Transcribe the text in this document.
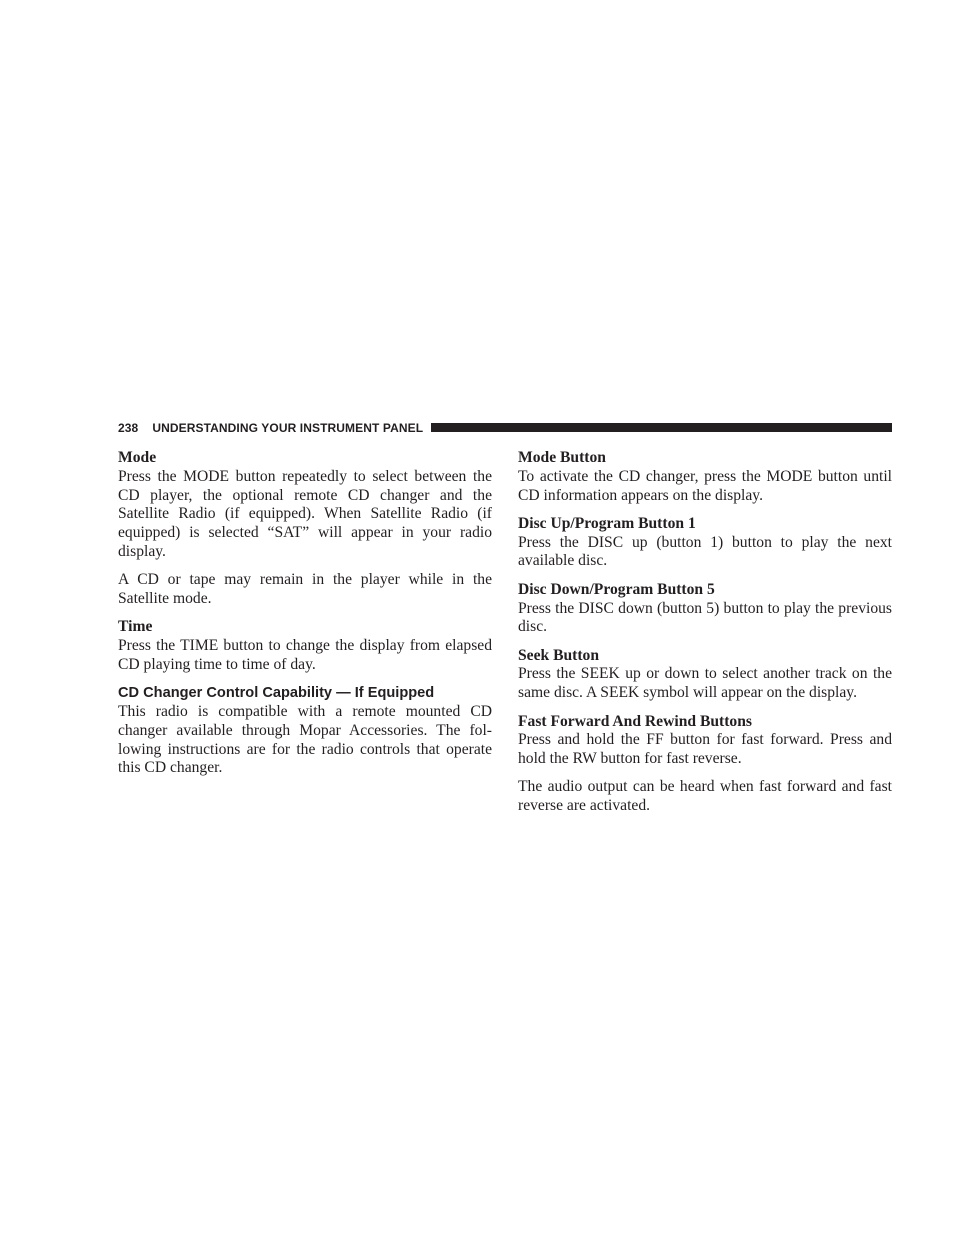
238 UNDERSTANDING YOUR INSTRUMENT PANEL

Mode

Press the MODE button repeatedly to select between the CD player, the optional remote CD changer and the Satellite Radio (if equipped). When Satellite Radio (if equipped) is selected “SAT” will appear in your radio display.

A CD or tape may remain in the player while in the Satellite mode.

Time

Press the TIME button to change the display from elapsed CD playing time to time of day.

CD Changer Control Capability — If Equipped

This radio is compatible with a remote mounted CD changer available through Mopar Accessories. The following instructions are for the radio controls that operate this CD changer.

Mode Button

To activate the CD changer, press the MODE button until CD information appears on the display.

Disc Up/Program Button 1

Press the DISC up (button 1) button to play the next available disc.

Disc Down/Program Button 5

Press the DISC down (button 5) button to play the previous disc.

Seek Button

Press the SEEK up or down to select another track on the same disc. A SEEK symbol will appear on the display.

Fast Forward And Rewind Buttons

Press and hold the FF button for fast forward. Press and hold the RW button for fast reverse.

The audio output can be heard when fast forward and fast reverse are activated.
